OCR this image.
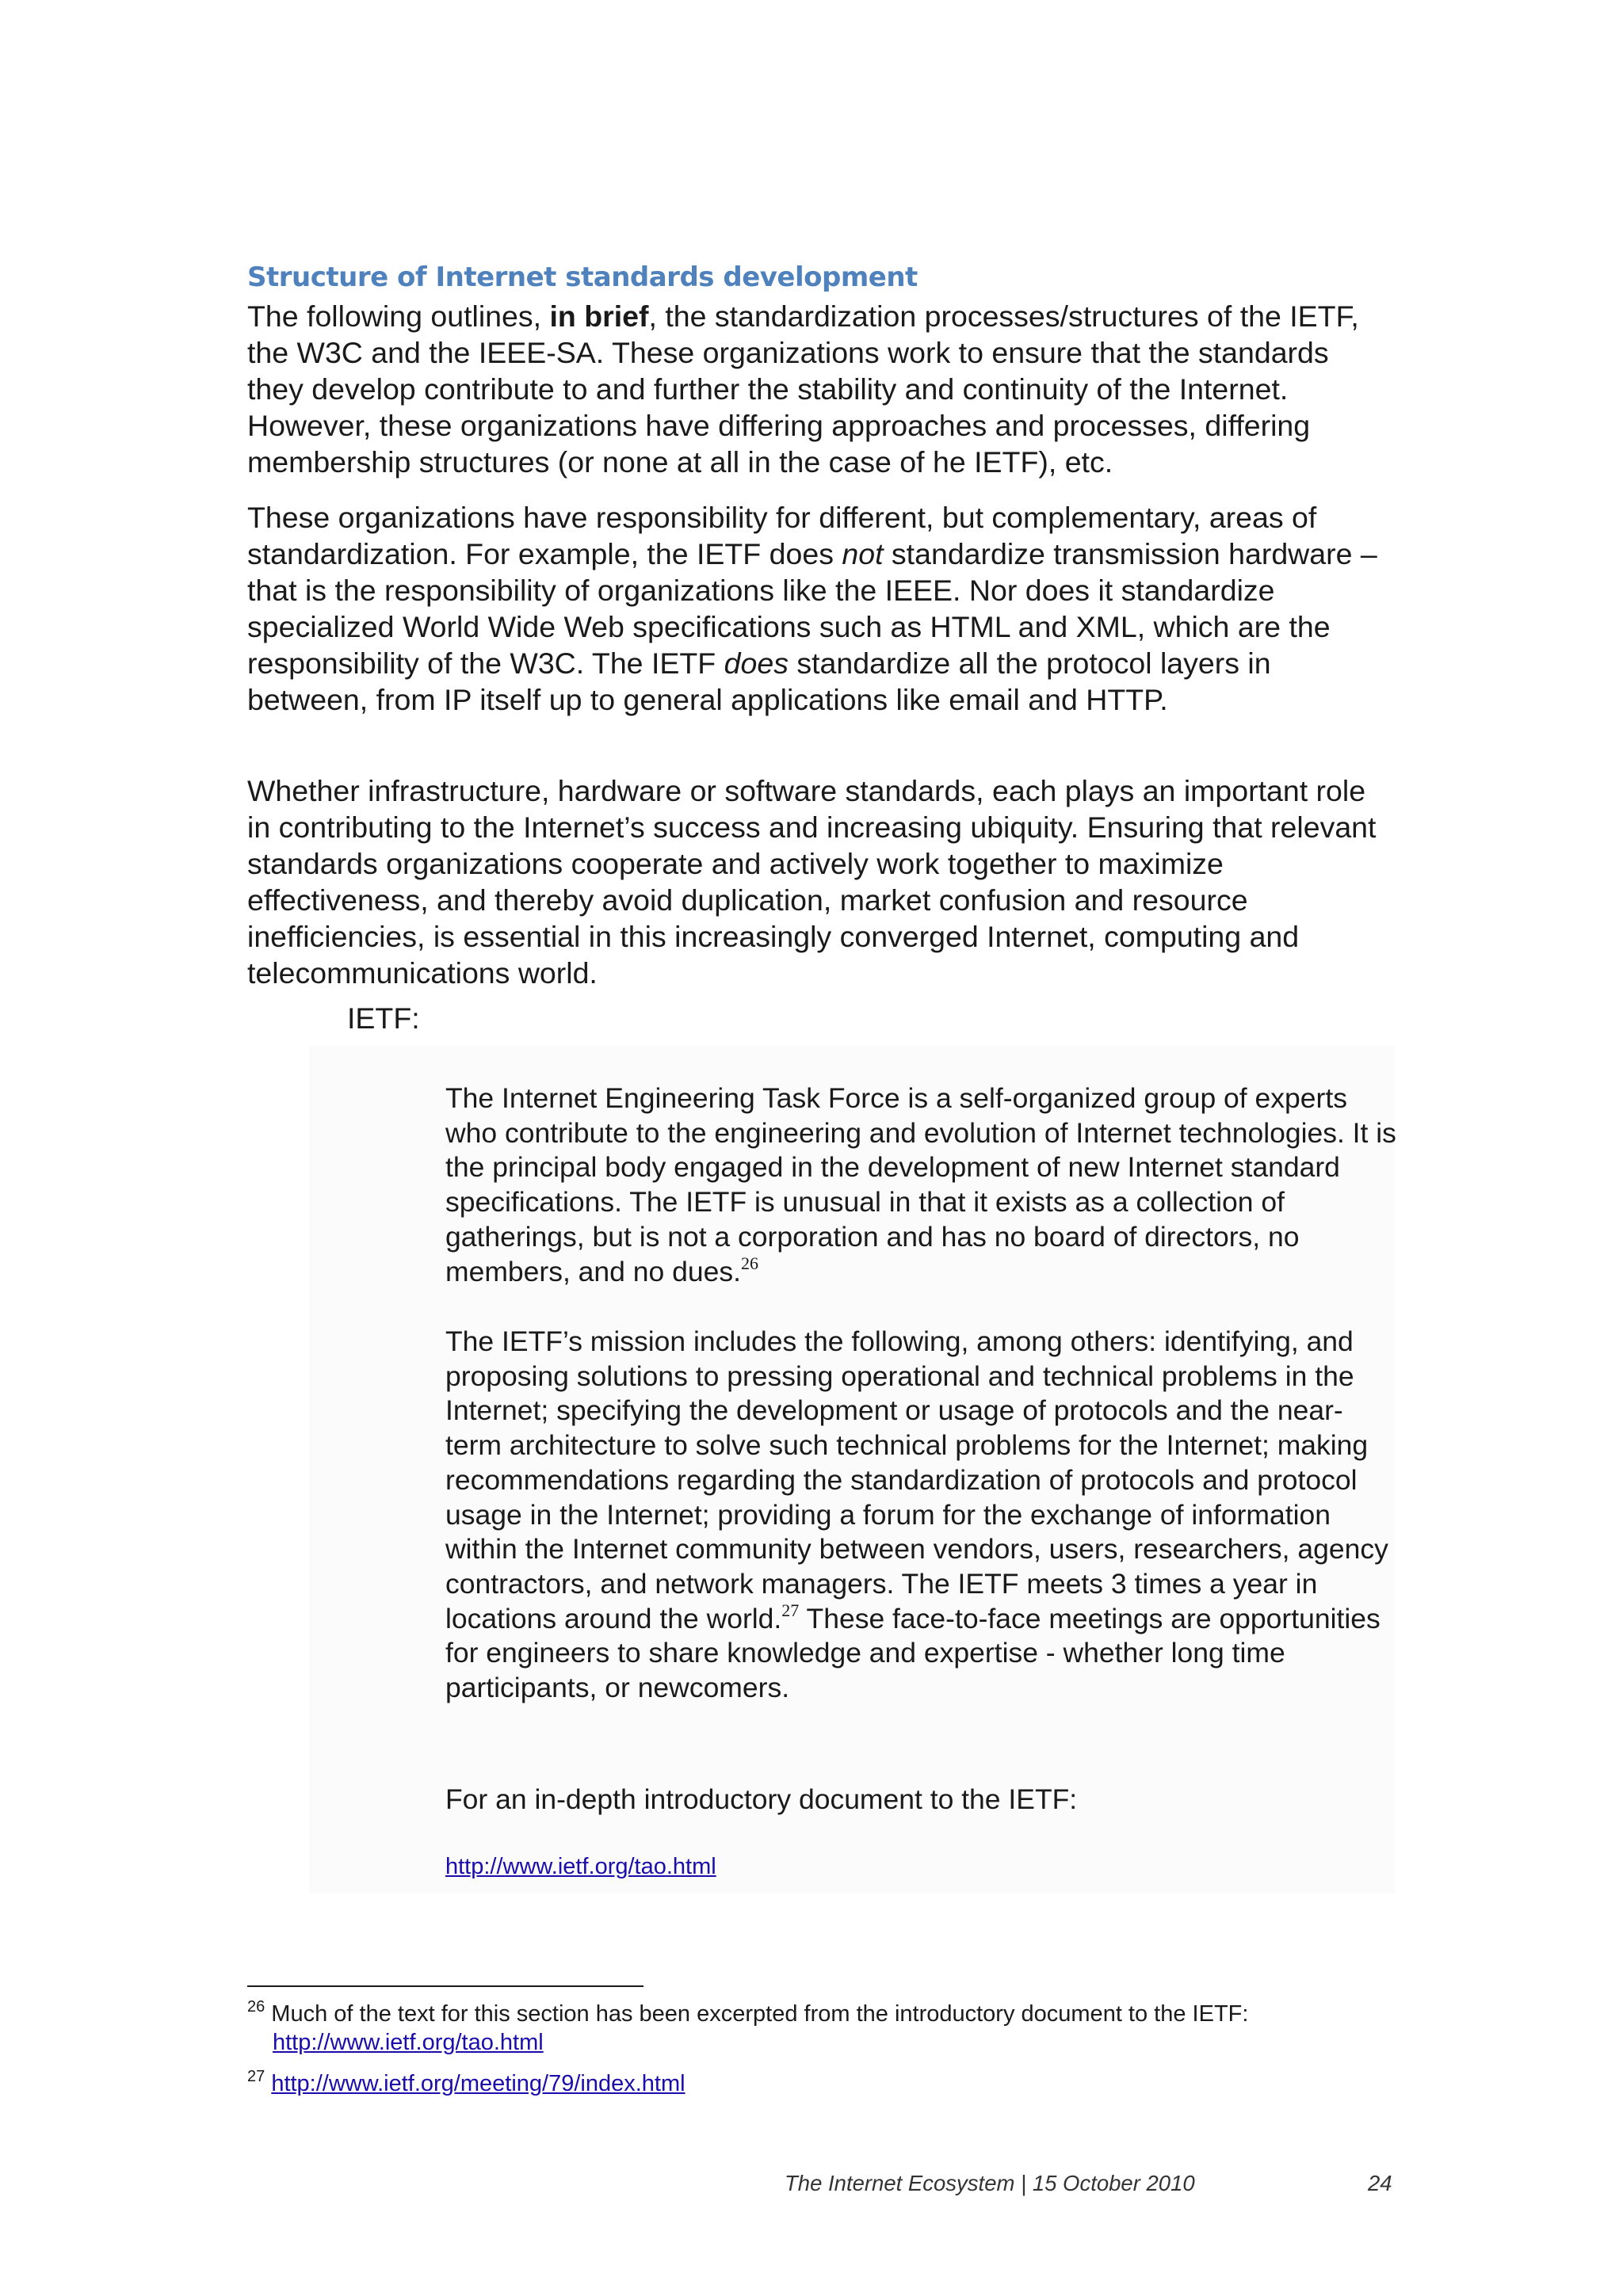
Structure of Internet standards development

The following outlines, in brief, the standardization processes/structures of the IETF, the W3C and the IEEE-SA. These organizations work to ensure that the standards they develop contribute to and further the stability and continuity of the Internet. However, these organizations have differing approaches and processes, differing membership structures (or none at all in the case of he IETF), etc.

These organizations have responsibility for different, but complementary, areas of standardization. For example, the IETF does not standardize transmission hardware – that is the responsibility of organizations like the IEEE. Nor does it standardize specialized World Wide Web specifications such as HTML and XML, which are the responsibility of the W3C. The IETF does standardize all the protocol layers in between, from IP itself up to general applications like email and HTTP.

Whether infrastructure, hardware or software standards, each plays an important role in contributing to the Internet’s success and increasing ubiquity. Ensuring that relevant standards organizations cooperate and actively work together to maximize effectiveness, and thereby avoid duplication, market confusion and resource inefficiencies, is essential in this increasingly converged Internet, computing and telecommunications world.

IETF:

The Internet Engineering Task Force is a self-organized group of experts who contribute to the engineering and evolution of Internet technologies. It is the principal body engaged in the development of new Internet standard specifications. The IETF is unusual in that it exists as a collection of gatherings, but is not a corporation and has no board of directors, no members, and no dues.$^{26}$

The IETF’s mission includes the following, among others: identifying, and proposing solutions to pressing operational and technical problems in the Internet; specifying the development or usage of protocols and the near-term architecture to solve such technical problems for the Internet; making recommendations regarding the standardization of protocols and protocol usage in the Internet; providing a forum for the exchange of information within the Internet community between vendors, users, researchers, agency contractors, and network managers. The IETF meets 3 times a year in locations around the world.$^{27}$ These face-to-face meetings are opportunities for engineers to share knowledge and expertise - whether long time participants, or newcomers.

For an in-depth introductory document to the IETF:

http://www.ietf.org/tao.html

$^{26}$ Much of the text for this section has been excerpted from the introductory document to the IETF:
http://www.ietf.org/tao.html

$^{27}$ http://www.ietf.org/meeting/79/index.html

The Internet Ecosystem | 15 October 2010	24
